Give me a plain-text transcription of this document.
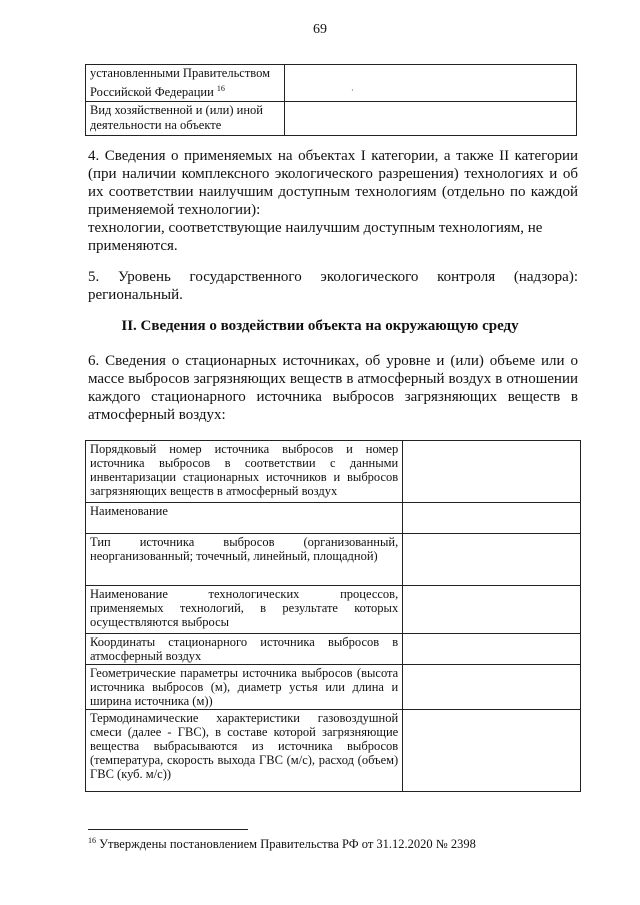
69
установленными Правительством Российской Федерации $^{16}$	
Вид хозяйственной и (или) иной деятельности на объекте	
·
4. Сведения о применяемых на объектах I категории, а также II категории (при наличии комплексного экологического разрешения) технологиях и об их соответствии наилучшим доступным технологиям (отдельно по каждой применяемой технологии):
технологии, соответствующие наилучшим доступным технологиям, не применяются.
5. Уровень государственного экологического контроля (надзора):
региональный.
II. Сведения о воздействии объекта на окружающую среду
6. Сведения о стационарных источниках, об уровне и (или) объеме или о массе выбросов загрязняющих веществ в атмосферный воздух в отношении каждого стационарного источника выбросов загрязняющих веществ в атмосферный воздух:
Порядковый номер источника выбросов и номер источника выбросов в соответствии с данными инвентаризации стационарных источников и выбросов загрязняющих веществ в атмосферный воздух	
Наименование	
Тип источника выбросов (организованный, неорганизованный; точечный, линейный, площадной)	
Наименование технологических процессов, применяемых технологий, в результате которых осуществляются выбросы	
Координаты стационарного источника выбросов в атмосферный воздух	
Геометрические параметры источника выбросов (высота источника выбросов (м), диаметр устья или длина и ширина источника (м))	
Термодинамические характеристики газовоздушной смеси (далее - ГВС), в составе которой загрязняющие вещества выбрасываются из источника выбросов (температура, скорость выхода ГВС (м/с), расход (объем) ГВС (куб. м/с))	
$^{16}$ Утверждены постановлением Правительства РФ от 31.12.2020 № 2398
